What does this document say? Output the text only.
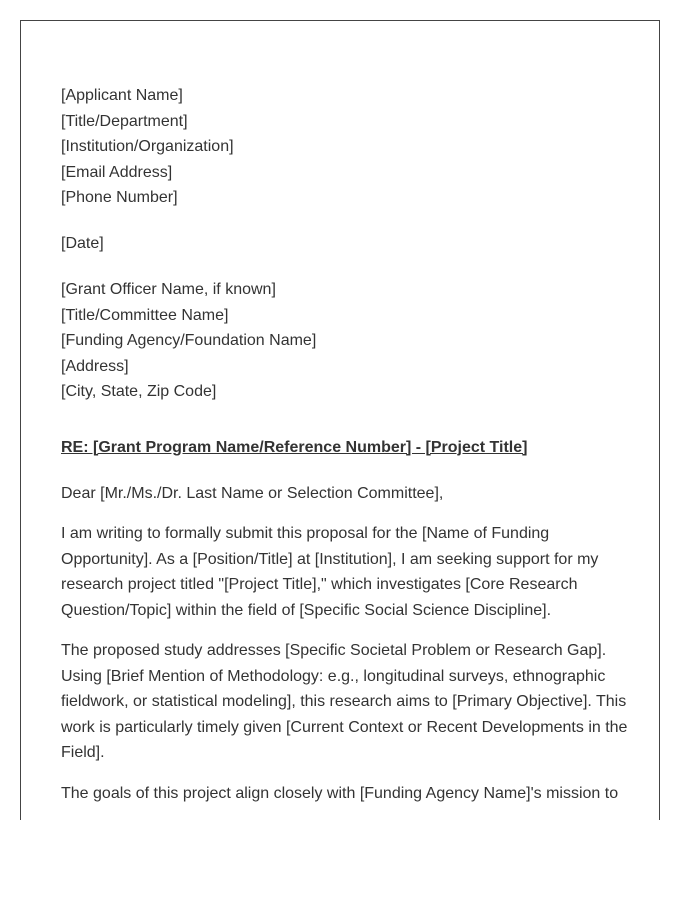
[Applicant Name]
[Title/Department]
[Institution/Organization]
[Email Address]
[Phone Number]
[Date]
[Grant Officer Name, if known]
[Title/Committee Name]
[Funding Agency/Foundation Name]
[Address]
[City, State, Zip Code]
RE: [Grant Program Name/Reference Number] - [Project Title]
Dear [Mr./Ms./Dr. Last Name or Selection Committee],

I am writing to formally submit this proposal for the [Name of Funding Opportunity]. As a [Position/Title] at [Institution], I am seeking support for my research project titled "[Project Title]," which investigates [Core Research Question/Topic] within the field of [Specific Social Science Discipline].

The proposed study addresses [Specific Societal Problem or Research Gap]. Using [Brief Mention of Methodology: e.g., longitudinal surveys, ethnographic fieldwork, or statistical modeling], this research aims to [Primary Objective]. This work is particularly timely given [Current Context or Recent Developments in the Field].

The goals of this project align closely with [Funding Agency Name]'s mission to
